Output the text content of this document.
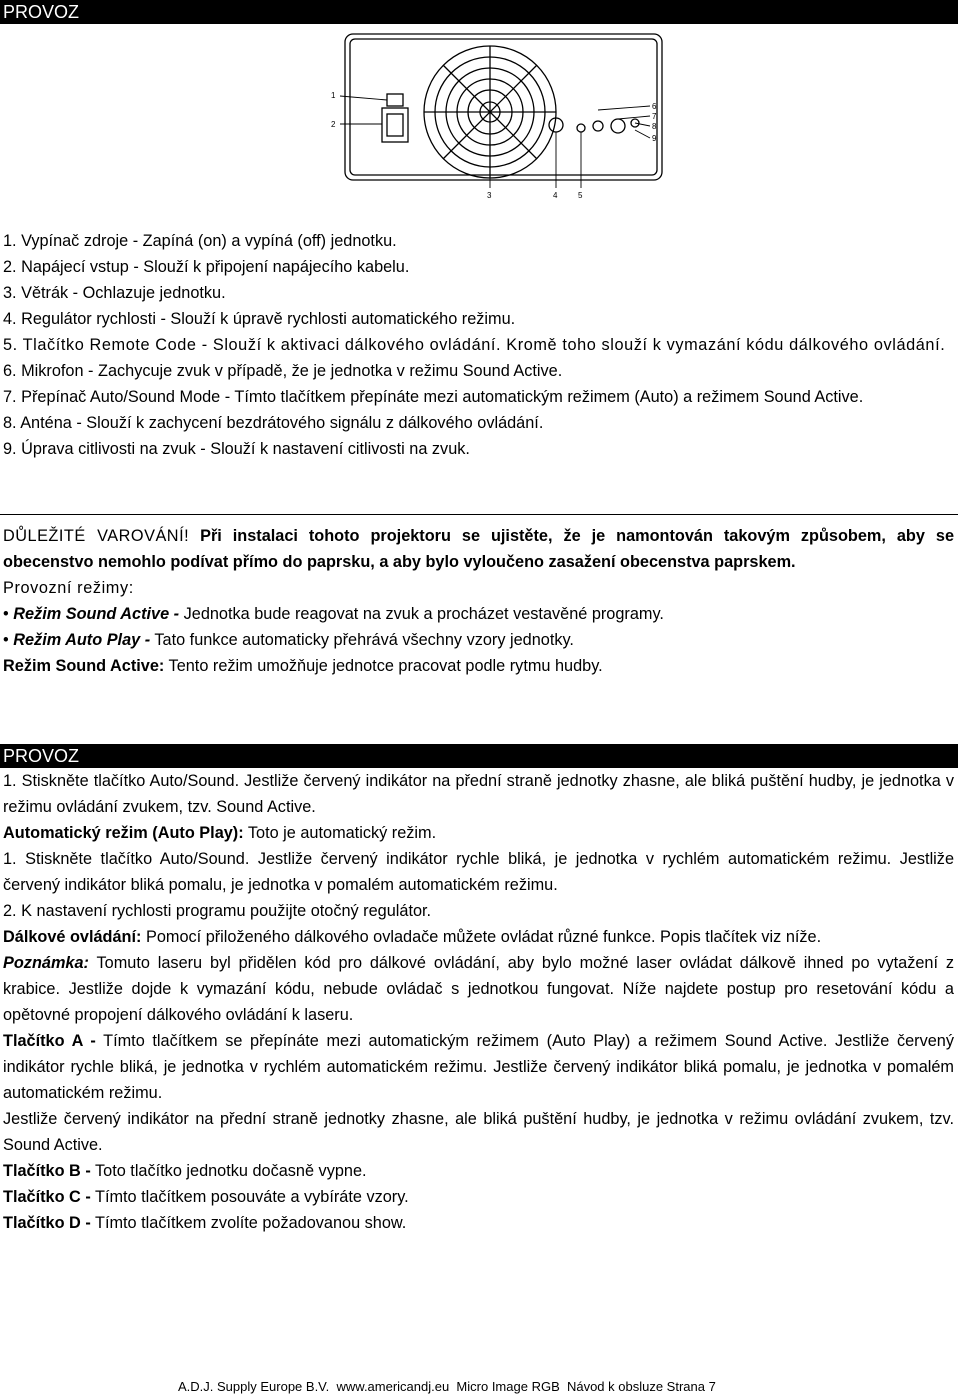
PROVOZ
1
2
3	4	5
6
7
8
9

1. Vypínač zdroje - Zapíná (on) a vypíná (off) jednotku.

2. Napájecí vstup - Slouží k připojení napájecího kabelu.

3. Větrák - Ochlazuje jednotku.

4. Regulátor rychlosti - Slouží k úpravě rychlosti automatického režimu.

5. Tlačítko Remote Code - Slouží k aktivaci dálkového ovládání. Kromě toho slouží k vymazání kódu dálkového ovládání.

6. Mikrofon - Zachycuje zvuk v případě, že je jednotka v režimu Sound Active.

7. Přepínač Auto/Sound Mode - Tímto tlačítkem přepínáte mezi automatickým režimem (Auto) a režimem Sound Active.

8. Anténa - Slouží k zachycení bezdrátového signálu z dálkového ovládání.

9. Úprava citlivosti na zvuk - Slouží k nastavení citlivosti na zvuk.

DŮLEŽITÉ VAROVÁNÍ! Při instalaci tohoto projektoru se ujistěte, že je namontován takovým způsobem, aby se obecenstvo nemohlo podívat přímo do paprsku, a aby bylo vyloučeno zasažení obecenstva paprskem.

Provozní režimy:

• Režim Sound Active - Jednotka bude reagovat na zvuk a procházet vestavěné programy.

• Režim Auto Play - Tato funkce automaticky přehrává všechny vzory jednotky.

Režim Sound Active: Tento režim umožňuje jednotce pracovat podle rytmu hudby.

PROVOZ

1. Stiskněte tlačítko Auto/Sound. Jestliže červený indikátor na přední straně jednotky zhasne, ale bliká puštění hudby, je jednotka v režimu ovládání zvukem, tzv. Sound Active.

Automatický režim (Auto Play): Toto je automatický režim.

1. Stiskněte tlačítko Auto/Sound. Jestliže červený indikátor rychle bliká, je jednotka v rychlém automatickém režimu. Jestliže červený indikátor bliká pomalu, je jednotka v pomalém automatickém režimu.

2. K nastavení rychlosti programu použijte otočný regulátor.

Dálkové ovládání: Pomocí přiloženého dálkového ovladače můžete ovládat různé funkce. Popis tlačítek viz níže.

Poznámka: Tomuto laseru byl přidělen kód pro dálkové ovládání, aby bylo možné laser ovládat dálkově ihned po vytažení z krabice. Jestliže dojde k vymazání kódu, nebude ovládač s jednotkou fungovat. Níže najdete postup pro resetování kódu a opětovné propojení dálkového ovládání k laseru.

Tlačítko A - Tímto tlačítkem se přepínáte mezi automatickým režimem (Auto Play) a režimem Sound Active. Jestliže červený indikátor rychle bliká, je jednotka v rychlém automatickém režimu. Jestliže červený indikátor bliká pomalu, je jednotka v pomalém automatickém režimu.

Jestliže červený indikátor na přední straně jednotky zhasne, ale bliká puštění hudby, je jednotka v režimu ovládání zvukem, tzv. Sound Active.

Tlačítko B - Toto tlačítko jednotku dočasně vypne.

Tlačítko C - Tímto tlačítkem posouváte a vybíráte vzory.

Tlačítko D - Tímto tlačítkem zvolíte požadovanou show.

A.D.J. Supply Europe B.V.  www.americandj.eu  Micro Image RGB  Návod k obsluze Strana 7
